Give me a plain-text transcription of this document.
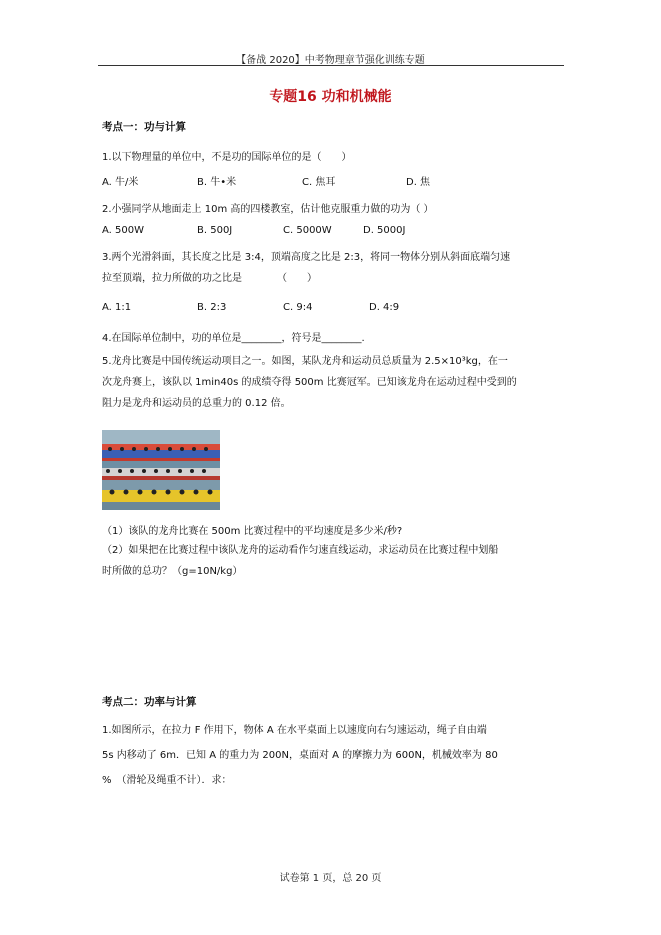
【备战 2020】中考物理章节强化训练专题
专题16 功和机械能
考点一：功与计算
1.以下物理量的单位中，不是功的国际单位的是（　　）
A. 牛/米	B. 牛•米	C. 焦耳	D. 焦
2.小强同学从地面走上 10m 高的四楼教室，估计他克服重力做的功为（ ）
A. 500W	B. 500J	C. 5000W	D. 5000J
3.两个光滑斜面，其长度之比是 3:4，顶端高度之比是 2:3，将同一物体分别从斜面底端匀速
拉至顶端，拉力所做的功之比是　　　　（　　）
A. 1:1	B. 2:3	C. 9:4	D. 4:9
4.在国际单位制中，功的单位是________，符号是________.
5.龙舟比赛是中国传统运动项目之一。如图，某队龙舟和运动员总质量为 2.5×10³kg，在一
次龙舟赛上，该队以 1min40s 的成绩夺得 500m 比赛冠军。已知该龙舟在运动过程中受到的
阻力是龙舟和运动员的总重力的 0.12 倍。
（1）该队的龙舟比赛在 500m 比赛过程中的平均速度是多少米/秒?
（2）如果把在比赛过程中该队龙舟的运动看作匀速直线运动，求运动员在比赛过程中划船
时所做的总功？（g=10N/kg）
考点二：功率与计算
1.如图所示，在拉力 F 作用下，物体 A 在水平桌面上以速度向右匀速运动，绳子自由端
5s 内移动了 6m．已知 A 的重力为 200N，桌面对 A 的摩擦力为 600N，机械效率为 80
%　（滑轮及绳重不计）．求：
试卷第 1 页，总 20 页
